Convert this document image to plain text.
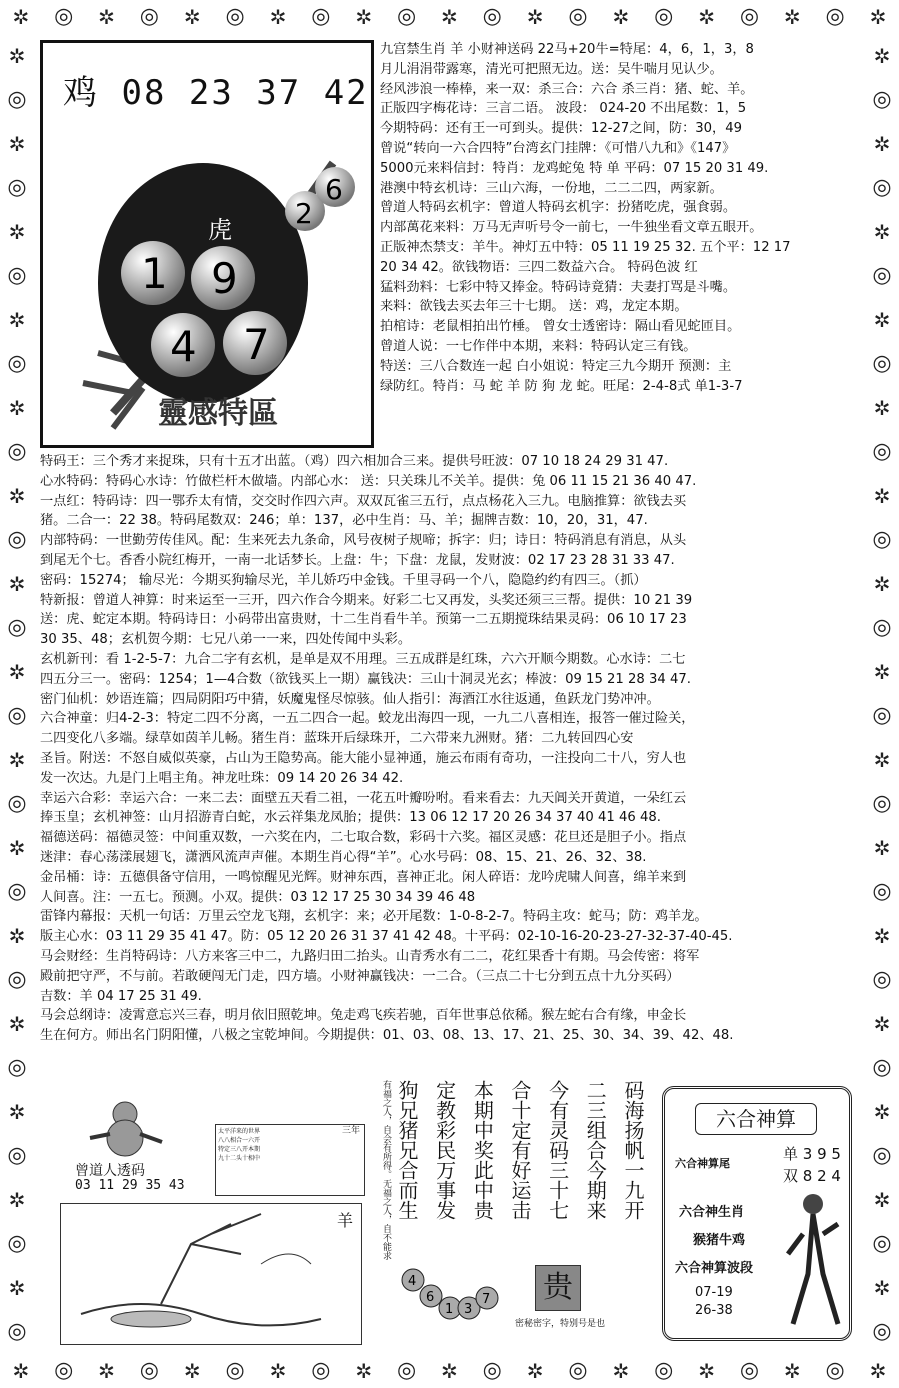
✲ ◎ ✲ ◎ ✲ ◎ ✲ ◎ ✲ ◎ ✲ ◎ ✲ ◎ ✲ ◎ ✲ ◎ ✲ ◎ ✲
✲ ◎ ✲ ◎ ✲ ◎ ✲ ◎ ✲ ◎ ✲ ◎ ✲ ◎ ✲ ◎ ✲ ◎ ✲ ◎ ✲
✲
◎
✲
◎
✲
◎
✲
◎
✲
◎
✲
◎
✲
◎
✲
◎
✲
◎
✲
◎
✲
◎
✲
◎
✲
◎
✲
◎
✲
◎
✲
◎
✲
◎
✲
◎
✲
◎
✲
◎
✲
◎
✲
◎
✲
◎
✲
◎
✲
◎
✲
◎
✲
◎
✲
◎
✲
◎
✲
◎
鸡 08 23 37 42
虎
1 9
4 7
2
6
靈感特區
九宫禁生肖 羊 小财神送码 22马+20牛=特尾：4，6，1，3，8
月儿涓涓带露寒，清光可把照无边。送：吴牛喘月见认少。
经风涉浪一棒棒，来一双：杀三合：六合 杀三肖：猪、蛇、羊。
正版四字梅花诗：三言二语。 波段： 024-20 不出尾数：1，5
今期特码：还有王一可到头。提供：12-27之间，防：30，49
曾说“转向一六合四特”台湾玄门挂牌：《可惜八九和》《147》
5000元来料信封：特肖：龙鸡蛇兔 特 单 平码：07 15 20 31 49.
港澳中特玄机诗：三山六海，一份地，二二二四，两家新。
曾道人特码玄机字：曾道人特码玄机字：扮猪吃虎，强食弱。
内部萬花来料：万马无声听号令一前七，一牛独坐看文章五眼开。
正版神杰禁支：羊牛。神灯五中特：05 11 19 25 32. 五个平：12 17
20 34 42。欲钱物语：三四二数益六合。 特码色波 红
猛料劲料：七彩中特又捧金。特码诗竟猜：夫妻打骂是斗嘴。
来料：欲钱去买去年三十七期。 送：鸡，龙定本期。
拍棺诗：老鼠相拍出竹棰。 曾女士透密诗：隔山看见蛇匝目。
曾道人说：一七作伴中本期，来料：特码认定三有钱。
特送：三八合数连一起 白小姐说：特定三九今期开 预测：主
绿防红。特肖：马 蛇 羊 防 狗 龙 蛇。旺尾：2-4-8式 单1-3-7
特码王：三个秀才来捉珠，只有十五才出蓝。（鸡）四六相加合三来。提供号旺波：07 10 18 24 29 31 47.
心水特码：特码心水诗：竹做栏杆木做墙。内部心水： 送：只关珠儿不关羊。提供：兔 06 11 15 21 36 40 47.
一点红：特码诗：四一鄂乔太有情，交交时作四六声。双双瓦雀三五行，点点杨花入三九。电脑推算：欲钱去买
猪。二合一：22 38。特码尾数双：246；单：137，必中生肖：马、羊；掘牌吉数：10，20，31，47.
内部特码：一世勤劳传佳风。配：生来死去九条命，风号夜树子规啼；拆字：归；诗日：特码消息有消息，从头
到尾无个七。香香小院红梅开，一南一北话梦长。上盘：牛；下盘：龙鼠，发财波：02 17 23 28 31 33 47.
密码：15274； 输尽光：今期买狗输尽光，羊儿娇巧中金钱。千里寻码一个八，隐隐约约有四三。（抓）
特新报：曾道人神算：时来运至一三开，四六作合今期来。好彩二七又再发，头奖还须三三帮。提供：10 21 39
送：虎、蛇定本期。特码诗日：小码带出富贵财，十二生肖看牛羊。预第一二五期搅珠结果灵码：06 10 17 23
30 35、48；玄机贺今期：七兄八弟一一来，四处传闻中头彩。
玄机新刊：看 1-2-5-7：九合二字有玄机，是单是双不用理。三五成群是红珠，六六开顺今期数。心水诗：二七
四五分三一。密码：1254；1—4合数（欲钱买上一期）赢钱决：三山十洞灵光玄；棒波：09 15 21 28 34 47.
密门仙机：妙语连篇；四局阴阳巧中猜，妖魔鬼怪尽惊骇。仙人指引：海酒江水往返通，鱼跃龙门势冲冲。
六合神童：归4-2-3：特定二四不分离，一五二四合一起。蛟龙出海四一现，一九二八喜相连，报答一催过险关，
二四变化八多端。绿草如茵羊儿畅。猪生肖：蓝珠开后绿珠开，二六带来九洲财。猪：二九转回四心安
圣旨。附送：不怒自威似英豪，占山为王隐势高。能大能小显神通，施云布雨有奇功，一注投向二十八，穷人也
发一次达。九是门上唱主角。神龙吐珠：09 14 20 26 34 42.
幸运六合彩：幸运六合：一来二去：面壁五天看二祖，一花五叶瓣吩咐。看来看去：九天阊关开黄道，一朵红云
捧玉皇；玄机神签：山月招游青白蛇，水云祥集龙凤胎；提供：13 06 12 17 20 26 34 37 40 41 46 48.
福德送码：福德灵签：中间重双数，一六奖在内，二七取合数，彩码十六奖。福区灵感：花旦还是胆子小。指点
迷津：春心荡漾展翅飞，潇洒风流声声催。本期生肖心得“羊”。心水号码：08、15、21、26、32、38.
金吊桶：诗：五德俱备守信用，一鸣惊醒见光辉。财神东西，喜神正北。闲人碎语：龙吟虎啸人间喜，绵羊来到
人间喜。注：一五七。预测。小双。提供：03 12 17 25 30 34 39 46 48
雷锋内幕报：天机一句话：万里云空龙飞翔，玄机字：来；必开尾数：1-0-8-2-7。特码主攻：蛇马；防：鸡羊龙。
版主心水：03 11 29 35 41 47。防：05 12 20 26 31 37 41 42 48。十平码：02-10-16-20-23-27-32-37-40-45.
马会财经：生肖特码诗：八方来客三中二，九路归田二抬头。山青秀水有二二，花红果香十有期。马会传密：将军
殿前把守严，不与前。若敢硬闯无门走，四方墙。小财神赢钱决：一二合。（三点二十七分到五点十九分买码）
吉数：羊 04 17 25 31 49.
马会总纲诗：凌霄意忘兴三春，明月依旧照乾坤。兔走鸡飞疾若驰，百年世事总依稀。猴左蛇右合有缘，申金长
生在何方。师出名门阴阳懂，八极之宝乾坤间。今期提供：01、03、08、13、17、21、25、30、34、39、42、48.
曾道人透码
03 11 29 35 43
太平洋来的世界
八八相合一六开
特定三八开本期
九十二头十相中
三年
羊	有福之人，自会有所得。无福之人，自不能求	码海扬帆一九开
二三组合今期来
今有灵码三十七
合十定有好运击
本期中奖此中贵
定教彩民万事发
狗兄猪兄合而生
4
6
1 3
7 贵
密秘密字，特别号是也
六合神算
六合神算尾
单 3 9 5
双 8 2 4
六合神生肖
猴猪牛鸡
六合神算波段
07-19
26-38
